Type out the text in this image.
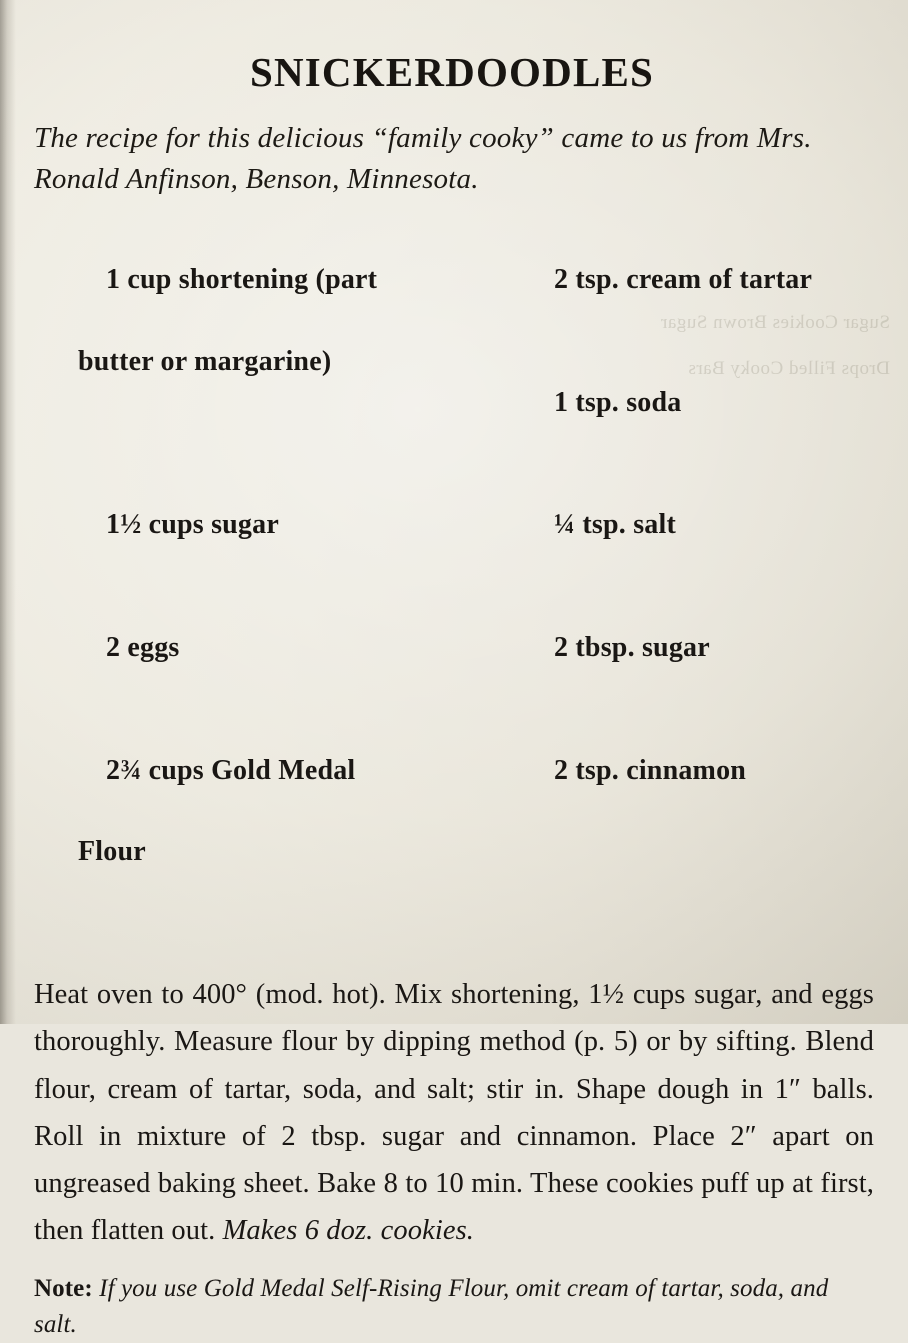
Sugar Cookies Brown Sugar Drops Filled Cooky Bars
SNICKERDOODLES

The recipe for this delicious “family cooky” came to us from Mrs. Ronald Anfinson, Benson, Minnesota.

1 cup shortening (part

butter or margarine)

1½ cups sugar

2 eggs

2¾ cups Gold Medal

Flour

2 tsp. cream of tartar

1 tsp. soda

¼ tsp. salt

2 tbsp. sugar

2 tsp. cinnamon

Heat oven to 400° (mod. hot). Mix shortening, 1½ cups sugar, and eggs thoroughly. Measure flour by dipping method (p. 5) or by sifting. Blend flour, cream of tartar, soda, and salt; stir in. Shape dough in 1″ balls. Roll in mixture of 2 tbsp. sugar and cinnamon. Place 2″ apart on ungreased baking sheet. Bake 8 to 10 min. These cookies puff up at first, then flatten out. Makes 6 doz. cookies.

Note: If you use Gold Medal Self-Rising Flour, omit cream of tartar, soda, and salt.
